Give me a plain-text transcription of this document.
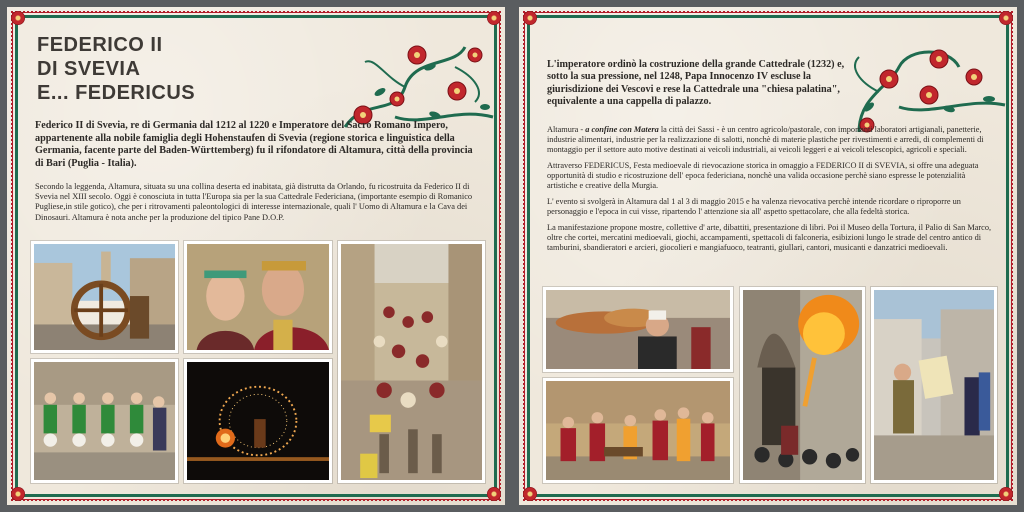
FEDERICO II
DI SVEVIA
E... FEDERICUS
Federico II di Svevia, re di Germania dal 1212 al 1220 e Imperatore del Sacro Romano Impero, appartenente alla nobile famiglia degli Hohenstaufen di Svevia (regione storica e linguistica della Germania, facente parte del Baden-Württemberg) fu il rifondatore di Altamura, città della provincia di Bari (Puglia - Italia).
Secondo la leggenda, Altamura, situata su una collina deserta ed inabitata, già distrutta da Orlando, fu ricostruita da Federico II di Svevia nel XIII secolo. Oggi è conosciuta in tutta l'Europa sia per la sua Cattedrale Federiciana, (importante esempio di Romanico Pugliese,in stile gotico), che per i ritrovamenti paleontologici di interesse internazionale, quali l' Uomo di Altamura e la Cava dei Dinosauri. Altamura è nota anche per la produzione del tipico Pane D.O.P.
L'imperatore ordinò la costruzione della grande Cattedrale (1232) e, sotto la sua pressione, nel 1248, Papa Innocenzo IV escluse la giurisdizione dei Vescovi e rese la Cattedrale una "chiesa palatina", equivalente a una cappella di palazzo.

Altamura - a confine con Matera la città dei Sassi - è un centro agricolo/pastorale, con importanti laboratori artigianali, panetterie, industrie alimentari, industrie per la realizzazione di salotti, nonchè di materie plastiche per rivestimenti e arredi, di complementi di montaggio per il settore auto motive destinati ai veicoli industriali, ai veicoli leggeri e ai veicoli telescopici, agricoli e speciali.

Attraverso FEDERICUS, Festa medioevale di rievocazione storica in omaggio a FEDERICO II di SVEVIA, si offre una adeguata opportunità di studio e ricostruzione dell' epoca federiciana, nonchè una valida occasione perchè siano espresse le potenzialità artistiche e creative della Murgia.

L' evento si svolgerà in Altamura dal 1 al 3 di maggio 2015 e ha valenza rievocativa perchè intende ricordare o riproporre un personaggio e l'epoca in cui visse, ripartendo l' attenzione sia all' aspetto spettacolare, che alla fedeltà storica.

La manifestazione propone mostre, collettive d' arte, dibattiti, presentazione di libri. Poi il Museo della Tortura, il Palio di San Marco, oltre che cortei, mercatini medioevali, giochi, accampamenti, spettacoli di falconeria, esibizioni lungo le strade del centro antico di tamburini, sbandieratori e arcieri, giocolieri e mangiafuoco, teatranti, giullari, cantori, musicanti e danzatrici medioevali.
